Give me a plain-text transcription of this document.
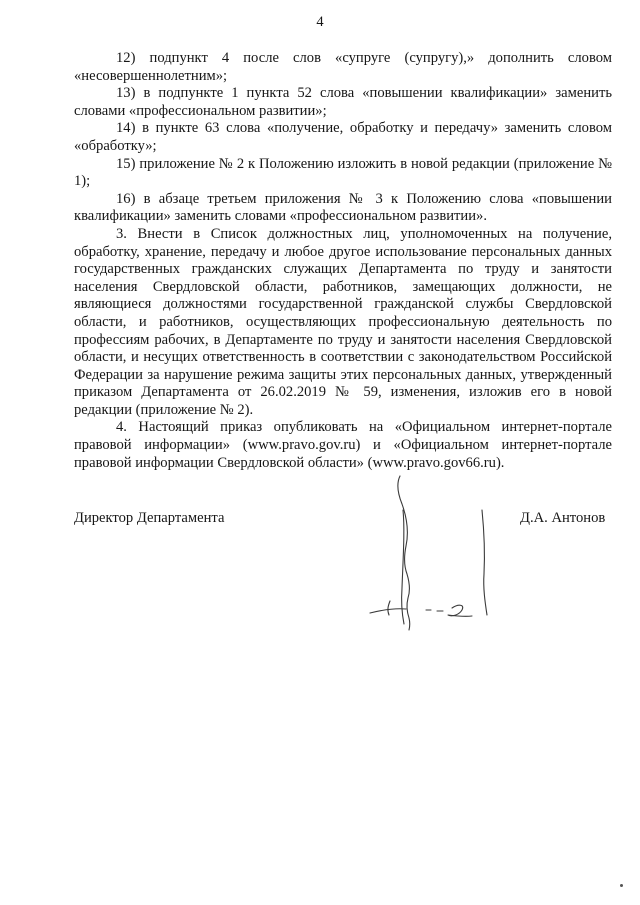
4

12) подпункт 4 после слов «супруге (супругу),» дополнить словом «несовершеннолетним»;

13) в подпункте 1 пункта 52 слова «повышении квалификации» заменить словами «профессиональном развитии»;

14) в пункте 63 слова «получение, обработку и передачу» заменить словом «обработку»;

15) приложение № 2 к Положению изложить в новой редакции (приложение № 1);

16) в абзаце третьем приложения № 3 к Положению слова «повышении квалификации» заменить словами «профессиональном развитии».

3. Внести в Список должностных лиц, уполномоченных на получение, обработку, хранение, передачу и любое другое использование персональных данных государственных гражданских служащих Департамента по труду и занятости населения Свердловской области, работников, замещающих должности, не являющиеся должностями государственной гражданской службы Свердловской области, и работников, осуществляющих профессиональную деятельность по профессиям рабочих, в Департаменте по труду и занятости населения Свердловской области, и несущих ответственность в соответствии с законодательством Российской Федерации за нарушение режима защиты этих персональных данных, утвержденный приказом Департамента от 26.02.2019 № 59, изменения, изложив его в новой редакции (приложение № 2).

4. Настоящий приказ опубликовать на «Официальном интернет-портале правовой информации» (www.pravo.gov.ru) и «Официальном интернет-портале правовой информации Свердловской области» (www.pravo.gov66.ru).

Директор Департамента	Д.А. Антонов
